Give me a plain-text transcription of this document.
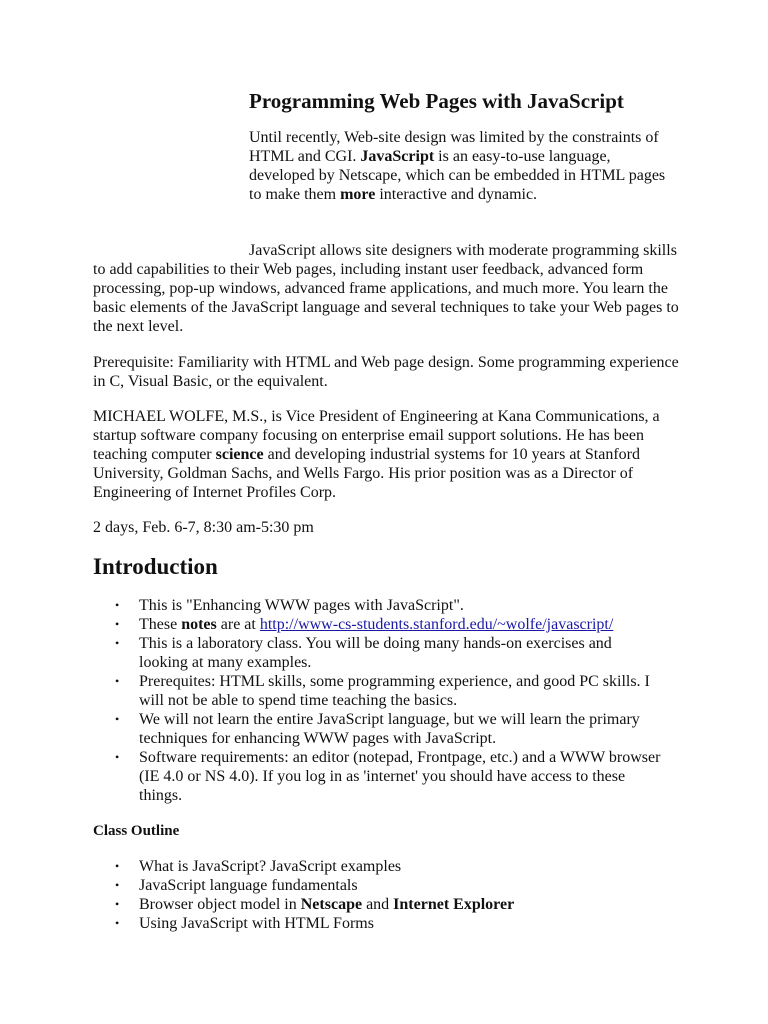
Programming Web Pages with JavaScript

Until recently, Web-site design was limited by the constraints of HTML and CGI. JavaScript is an easy-to-use language, developed by Netscape, which can be embedded in HTML pages to make them more interactive and dynamic.

JavaScript allows site designers with moderate programming skills to add capabilities to their Web pages, including instant user feedback, advanced form processing, pop-up windows, advanced frame applications, and much more. You learn the basic elements of the JavaScript language and several techniques to take your Web pages to the next level.

Prerequisite: Familiarity with HTML and Web page design. Some programming experience in C, Visual Basic, or the equivalent.

MICHAEL WOLFE, M.S., is Vice President of Engineering at Kana Communications, a startup software company focusing on enterprise email support solutions. He has been teaching computer science and developing industrial systems for 10 years at Stanford University, Goldman Sachs, and Wells Fargo. His prior position was as a Director of Engineering of Internet Profiles Corp.

2 days, Feb. 6-7, 8:30 am-5:30 pm

Introduction
• This is "Enhancing WWW pages with JavaScript".
• These notes are at http://www-cs-students.stanford.edu/~wolfe/javascript/
• This is a laboratory class. You will be doing many hands-on exercises and looking at many examples.
• Prerequites: HTML skills, some programming experience, and good PC skills. I will not be able to spend time teaching the basics.
• We will not learn the entire JavaScript language, but we will learn the primary techniques for enhancing WWW pages with JavaScript.
• Software requirements: an editor (notepad, Frontpage, etc.) and a WWW browser (IE 4.0 or NS 4.0). If you log in as 'internet' you should have access to these things.
Class Outline
• What is JavaScript? JavaScript examples
• JavaScript language fundamentals
• Browser object model in Netscape and Internet Explorer
• Using JavaScript with HTML Forms
